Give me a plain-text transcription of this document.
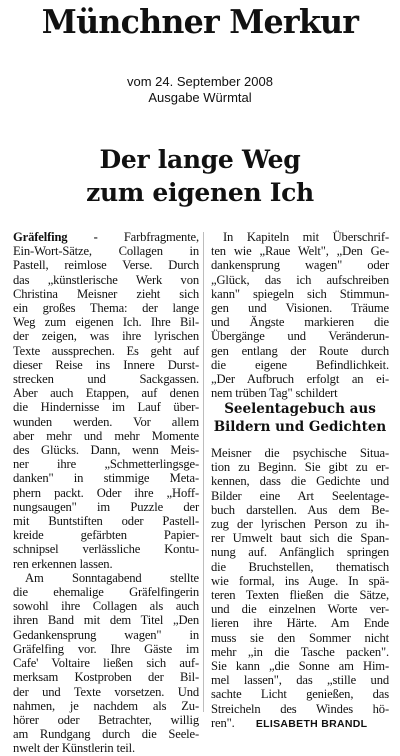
Münchner Merkur
vom 24. September 2008
Ausgabe Würmtal
Der lange Weg
zum eigenen Ich
Gräfelfing - Farbfragmente,
Ein-Wort-Sätze, Collagen in
Pastell, reimlose Verse. Durch
das „künstlerische Werk von
Christina Meisner zieht sich
ein großes Thema: der lange
Weg zum eigenen Ich. Ihre Bil-
der zeigen, was ihre lyrischen
Texte aussprechen. Es geht auf
dieser Reise ins Innere Durst-
strecken und Sackgassen.
Aber auch Etappen, auf denen
die Hindernisse im Lauf über-
wunden werden. Vor allem
aber mehr und mehr Momente
des Glücks. Dann, wenn Meis-
ner ihre „Schmetterlingsge-
danken" in stimmige Meta-
phern packt. Oder ihre „Hoff-
nungsaugen" im Puzzle der
mit Buntstiften oder Pastell-
kreide gefärbten Papier-
schnipsel verlässliche Kontu-
ren erkennen lassen.
Am Sonntagabend stellte
die ehemalige Gräfelfingerin
sowohl ihre Collagen als auch
ihren Band mit dem Titel „Den
Gedankensprung wagen" in
Gräfelfing vor. Ihre Gäste im
Cafe' Voltaire ließen sich auf-
merksam Kostproben der Bil-
der und Texte vorsetzen. Und
nahmen, je nachdem als Zu-
hörer oder Betrachter, willig
am Rundgang durch die Seele-
nwelt der Künstlerin teil.
In Kapiteln mit Überschrif-
ten wie „Raue Welt", „Den Ge-
dankensprung wagen" oder
„Glück, das ich aufschreiben
kann" spiegeln sich Stimmun-
gen und Visionen. Träume
und Ängste markieren die
Übergänge und Veränderun-
gen entlang der Route durch
die eigene Befindlichkeit.
„Der Aufbruch erfolgt an ei-
nem trüben Tag" schildert
Seelentagebuch aus
Bildern und Gedichten
Meisner die psychische Situa-
tion zu Beginn. Sie gibt zu er-
kennen, dass die Gedichte und
Bilder eine Art Seelentage-
buch darstellen. Aus dem Be-
zug der lyrischen Person zu ih-
rer Umwelt baut sich die Span-
nung auf. Anfänglich springen
die Bruchstellen, thematisch
wie formal, ins Auge. In spä-
teren Texten fließen die Sätze,
und die einzelnen Worte ver-
lieren ihre Härte. Am Ende
muss sie den Sommer nicht
mehr „in die Tasche packen".
Sie kann „die Sonne am Him-
mel lassen", das „stille und
sachte Licht genießen, das
Streicheln des Windes hö-
ren". ELISABETH BRANDL
